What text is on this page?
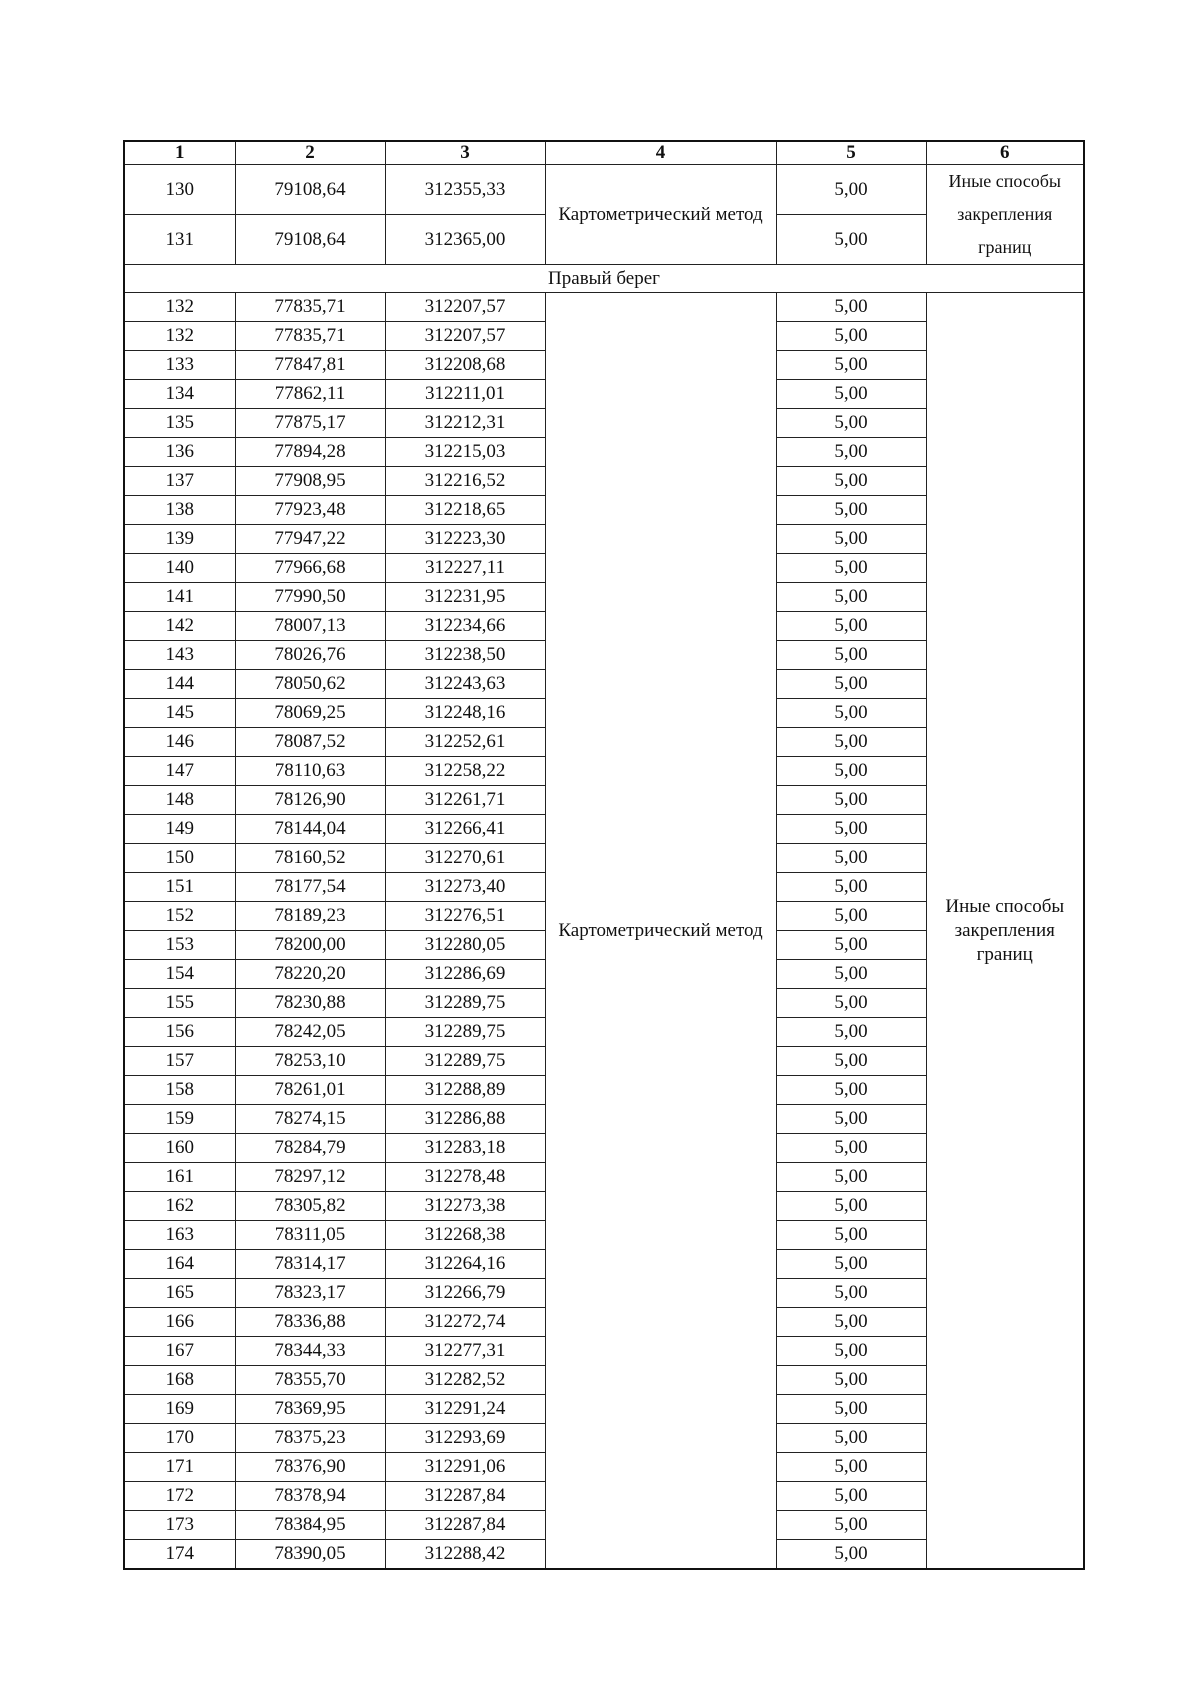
1	2	3	4	5	6
130	79108,64	312355,33	Картометрический метод	5,00	Иные способы закрепления границ
131	79108,64	312365,00		5,00	
Правый берег					
132	77835,71	312207,57	Картометрический метод	5,00	Иные способы закрепления границ
132	77835,71	312207,57		5,00	
133	77847,81	312208,68		5,00	
134	77862,11	312211,01		5,00	
135	77875,17	312212,31		5,00	
136	77894,28	312215,03		5,00	
137	77908,95	312216,52		5,00	
138	77923,48	312218,65		5,00	
139	77947,22	312223,30		5,00	
140	77966,68	312227,11		5,00	
141	77990,50	312231,95		5,00	
142	78007,13	312234,66		5,00	
143	78026,76	312238,50		5,00	
144	78050,62	312243,63		5,00	
145	78069,25	312248,16		5,00	
146	78087,52	312252,61		5,00	
147	78110,63	312258,22		5,00	
148	78126,90	312261,71		5,00	
149	78144,04	312266,41		5,00	
150	78160,52	312270,61		5,00	
151	78177,54	312273,40		5,00	
152	78189,23	312276,51		5,00	
153	78200,00	312280,05		5,00	
154	78220,20	312286,69		5,00	
155	78230,88	312289,75		5,00	
156	78242,05	312289,75		5,00	
157	78253,10	312289,75		5,00	
158	78261,01	312288,89		5,00	
159	78274,15	312286,88		5,00	
160	78284,79	312283,18		5,00	
161	78297,12	312278,48		5,00	
162	78305,82	312273,38		5,00	
163	78311,05	312268,38		5,00	
164	78314,17	312264,16		5,00	
165	78323,17	312266,79		5,00	
166	78336,88	312272,74		5,00	
167	78344,33	312277,31		5,00	
168	78355,70	312282,52		5,00	
169	78369,95	312291,24		5,00	
170	78375,23	312293,69		5,00	
171	78376,90	312291,06		5,00	
172	78378,94	312287,84		5,00	
173	78384,95	312287,84		5,00	
174	78390,05	312288,42		5,00	
